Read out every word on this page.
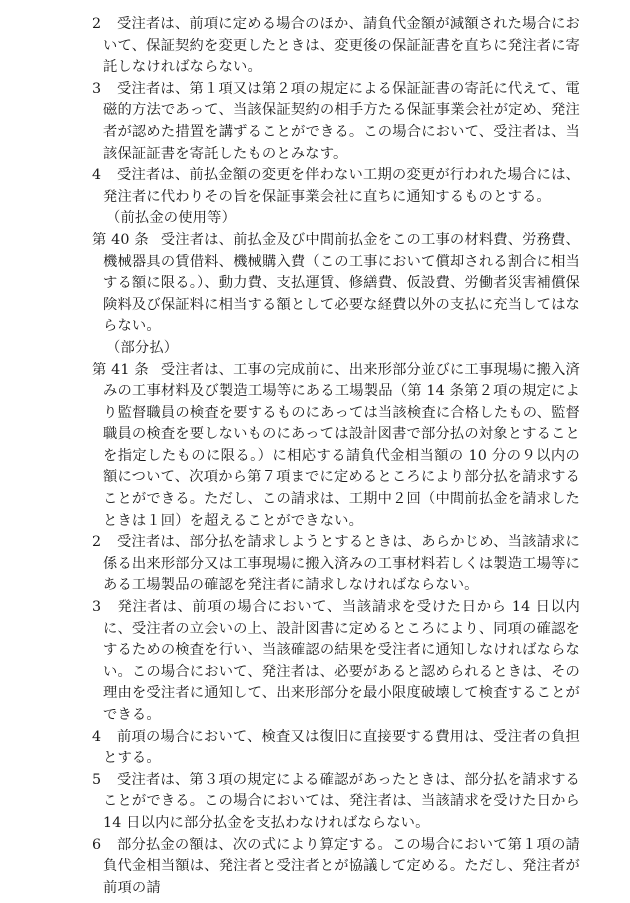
2 受注者は、前項に定める場合のほか、請負代金額が減額された場合において、保証契約を変更したときは、変更後の保証証書を直ちに発注者に寄託しなければならない。

3 受注者は、第１項又は第２項の規定による保証証書の寄託に代えて、電磁的方法であって、当該保証契約の相手方たる保証事業会社が定め、発注者が認めた措置を講ずることができる。この場合において、受注者は、当該保証証書を寄託したものとみなす。

4 受注者は、前払金額の変更を伴わない工期の変更が行われた場合には、発注者に代わりその旨を保証事業会社に直ちに通知するものとする。

（前払金の使用等）

第 40 条 受注者は、前払金及び中間前払金をこの工事の材料費、労務費、機械器具の賃借料、機械購入費（この工事において償却される割合に相当する額に限る。）、動力費、支払運賃、修繕費、仮設費、労働者災害補償保険料及び保証料に相当する額として必要な経費以外の支払に充当してはならない。

（部分払）

第 41 条 受注者は、工事の完成前に、出来形部分並びに工事現場に搬入済みの工事材料及び製造工場等にある工場製品（第 14 条第２項の規定により監督職員の検査を要するものにあっては当該検査に合格したもの、監督職員の検査を要しないものにあっては設計図書で部分払の対象とすることを指定したものに限る。）に相応する請負代金相当額の 10 分の９以内の額について、次項から第７項までに定めるところにより部分払を請求することができる。ただし、この請求は、工期中２回（中間前払金を請求したときは１回）を超えることができない。

2 受注者は、部分払を請求しようとするときは、あらかじめ、当該請求に係る出来形部分又は工事現場に搬入済みの工事材料若しくは製造工場等にある工場製品の確認を発注者に請求しなければならない。

3 発注者は、前項の場合において、当該請求を受けた日から 14 日以内に、受注者の立会いの上、設計図書に定めるところにより、同項の確認をするための検査を行い、当該確認の結果を受注者に通知しなければならない。この場合において、発注者は、必要があると認められるときは、その理由を受注者に通知して、出来形部分を最小限度破壊して検査することができる。

4 前項の場合において、検査又は復旧に直接要する費用は、受注者の負担とする。

5 受注者は、第３項の規定による確認があったときは、部分払を請求することができる。この場合においては、発注者は、当該請求を受けた日から 14 日以内に部分払金を支払わなければならない。

6 部分払金の額は、次の式により算定する。この場合において第１項の請負代金相当額は、発注者と受注者とが協議して定める。ただし、発注者が前項の請
